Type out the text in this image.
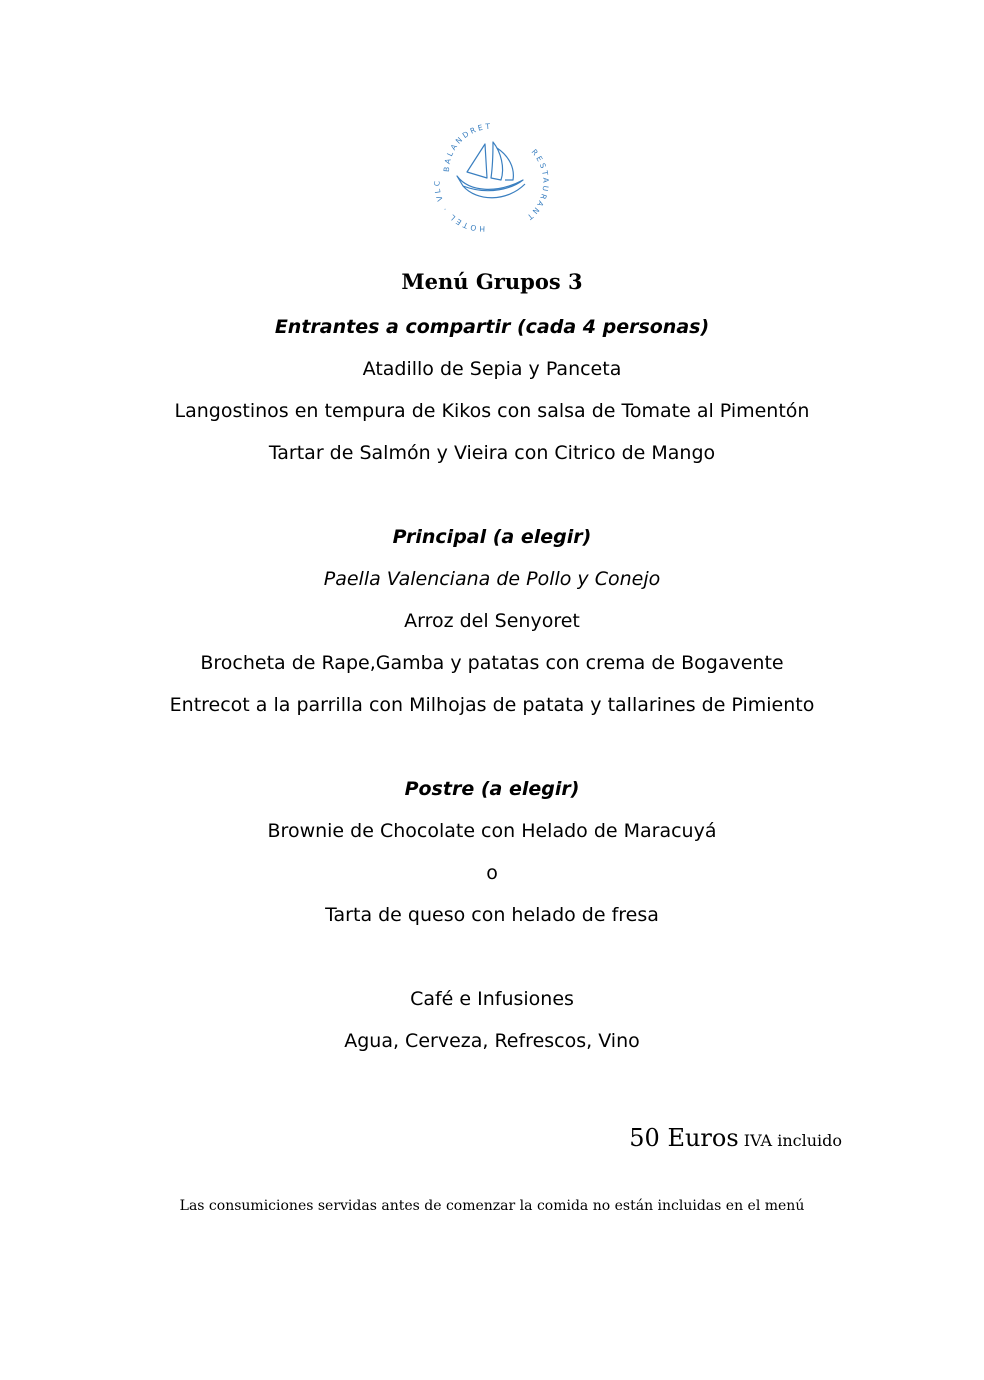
BALANDRET
RESTAURANT
HOTEL · VLC
Menú Grupos 3
Entrantes a compartir (cada 4 personas)
Atadillo de Sepia y Panceta
Langostinos en tempura de Kikos con salsa de Tomate al Pimentón
Tartar de Salmón y Vieira con Citrico de Mango
Principal (a elegir)
Paella Valenciana de Pollo y Conejo
Arroz del Senyoret
Brocheta de Rape,Gamba y patatas con crema de Bogavente
Entrecot a la parrilla con Milhojas de patata y tallarines de Pimiento
Postre (a elegir)
Brownie de Chocolate con Helado de Maracuyá
o
Tarta de queso con helado de fresa
Café e Infusiones
Agua, Cerveza, Refrescos, Vino
50 Euros IVA incluido
Las consumiciones servidas antes de comenzar la comida no están incluidas en el menú
